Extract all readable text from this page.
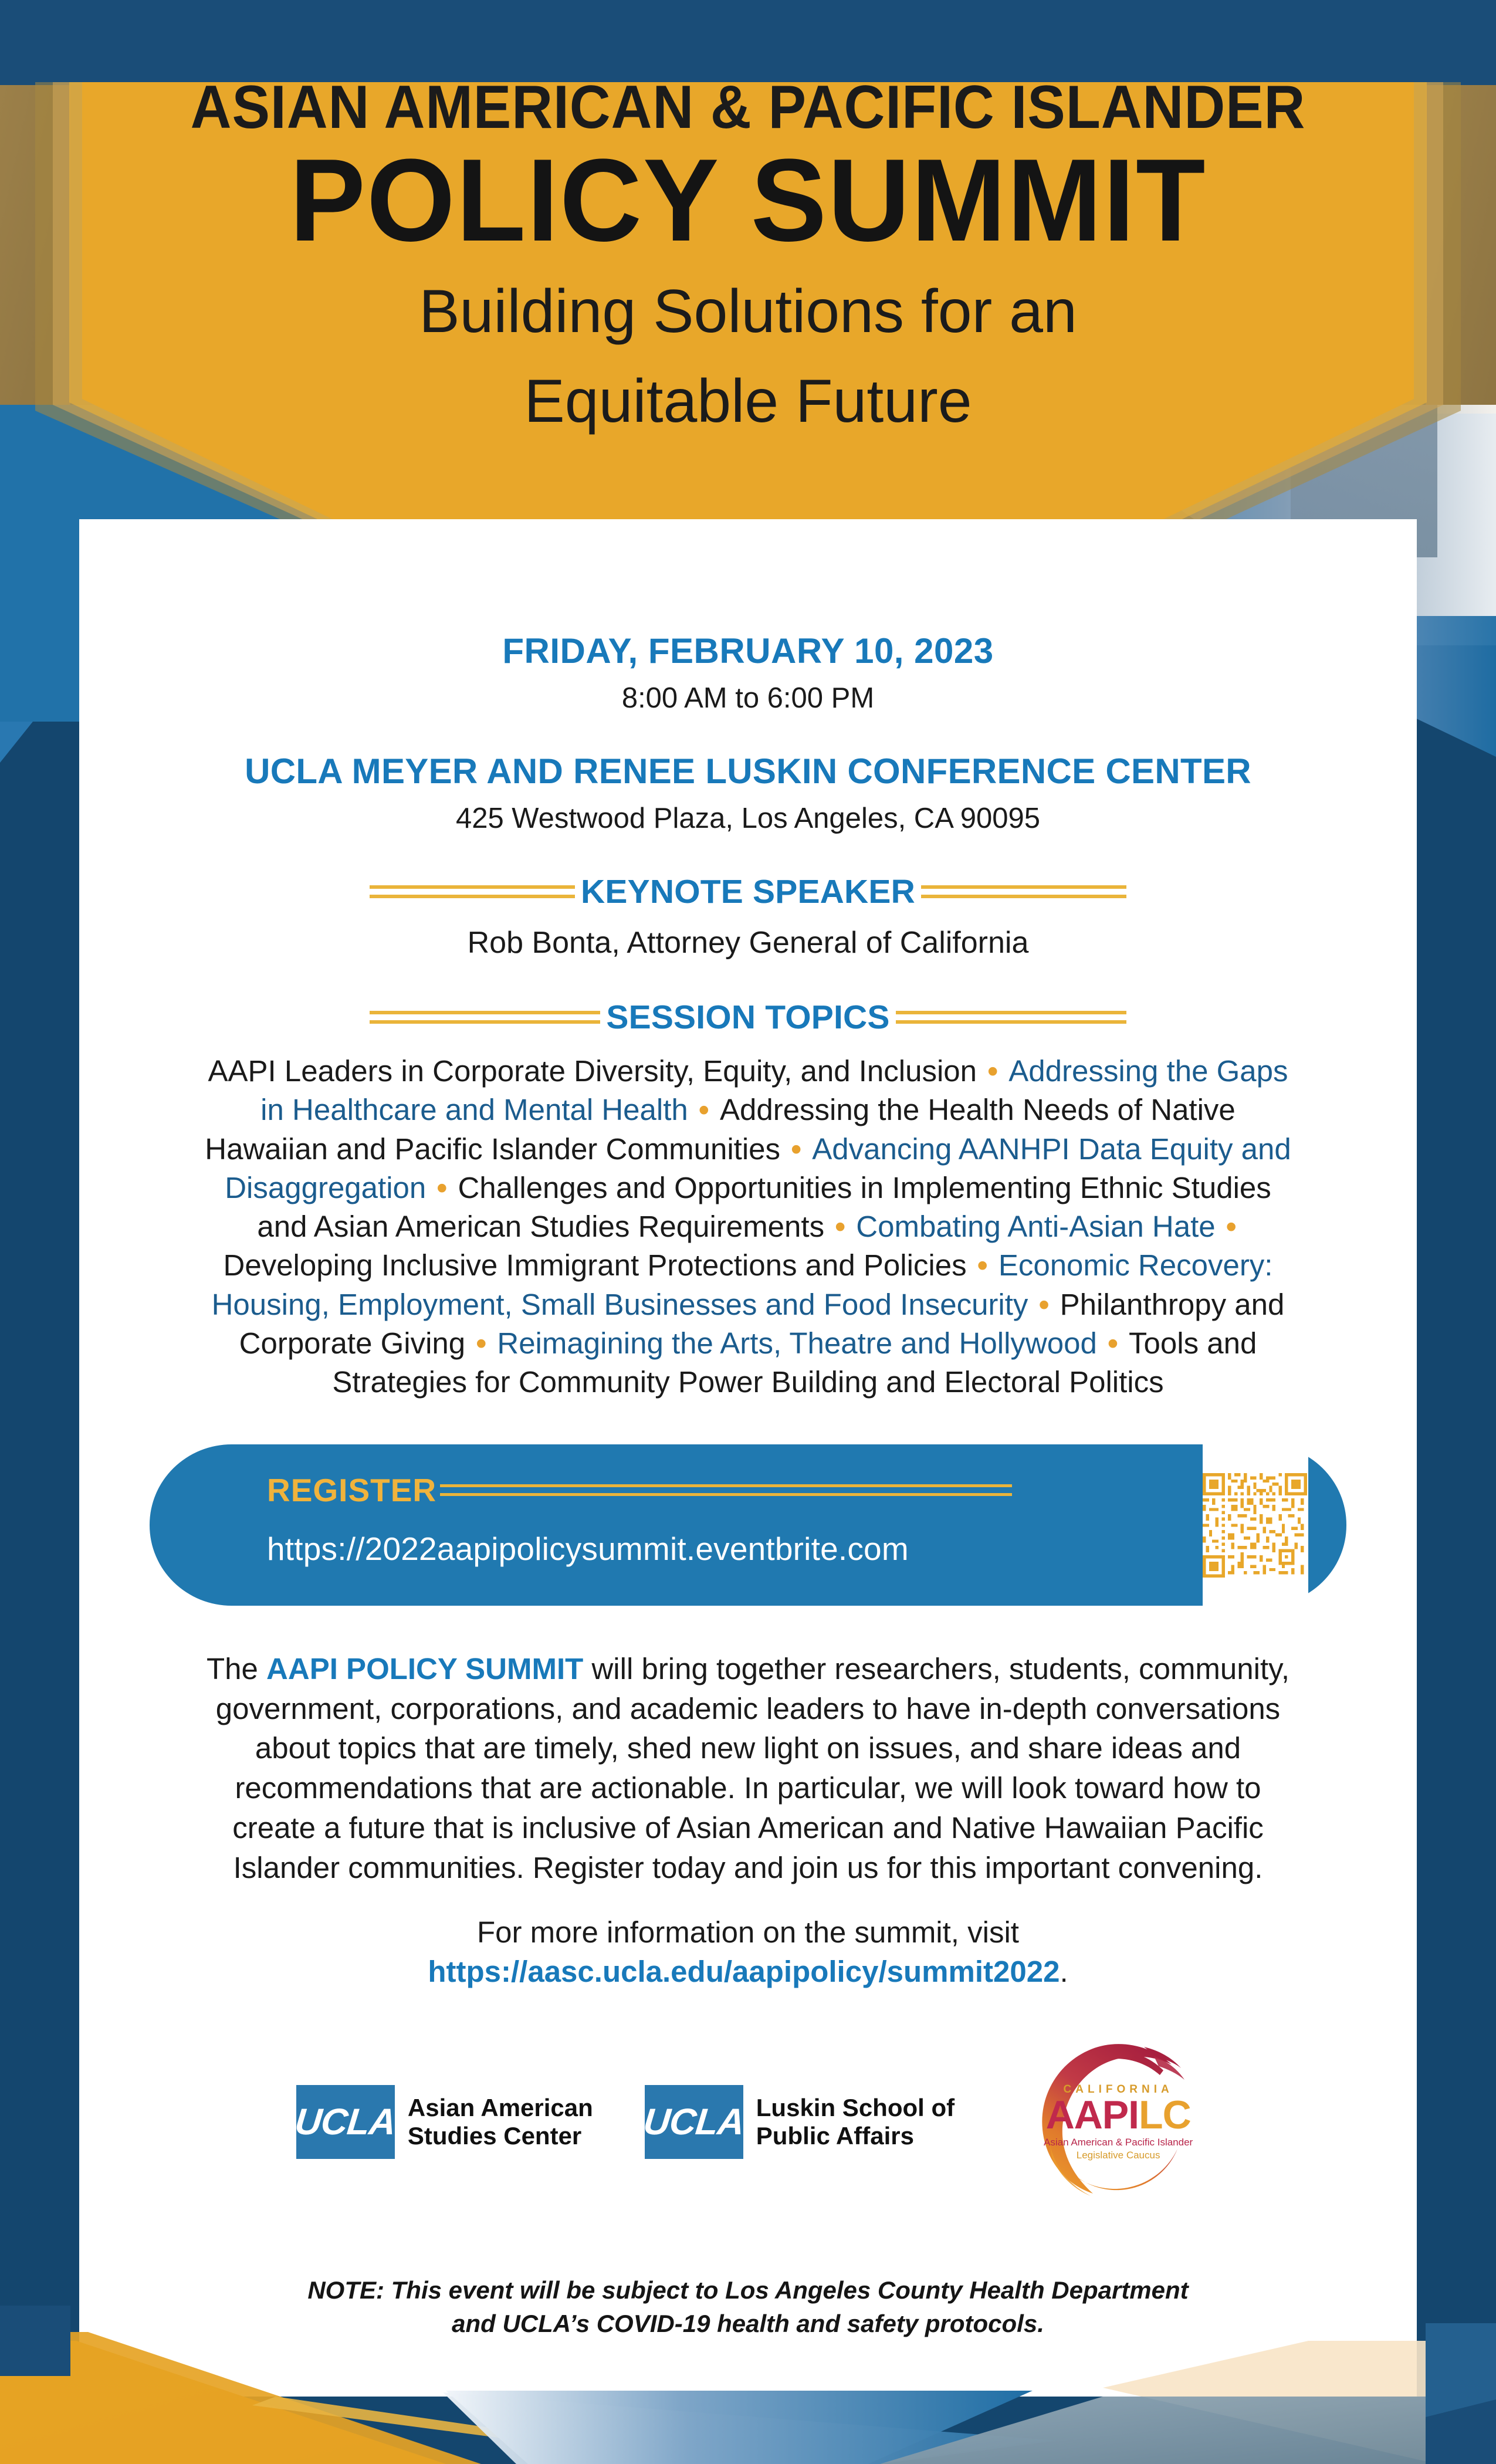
ASIAN AMERICAN & PACIFIC ISLANDER
POLICY SUMMIT
Building Solutions for an
Equitable Future
FRIDAY, FEBRUARY 10, 2023
8:00 AM to 6:00 PM
UCLA MEYER AND RENEE LUSKIN CONFERENCE CENTER
425 Westwood Plaza, Los Angeles, CA 90095
KEYNOTE SPEAKER
Rob Bonta, Attorney General of California
SESSION TOPICS
AAPI Leaders in Corporate Diversity, Equity, and Inclusion • Addressing the Gaps in Healthcare and Mental Health • Addressing the Health Needs of Native Hawaiian and Pacific Islander Communities • Advancing AANHPI Data Equity and Disaggregation • Challenges and Opportunities in Implementing Ethnic Studies and Asian American Studies Requirements • Combating Anti-Asian Hate • Developing Inclusive Immigrant Protections and Policies • Economic Recovery: Housing, Employment, Small Businesses and Food Insecurity • Philanthropy and Corporate Giving • Reimagining the Arts, Theatre and Hollywood • Tools and Strategies for Community Power Building and Electoral Politics
REGISTER
https://2022aapipolicysummit.eventbrite.com
The AAPI POLICY SUMMIT will bring together researchers, students, community, government, corporations, and academic leaders to have in-depth conversations about topics that are timely, shed new light on issues, and share ideas and recommendations that are actionable. In particular, we will look toward how to create a future that is inclusive of Asian American and Native Hawaiian Pacific Islander communities. Register today and join us for this important convening.
For more information on the summit, visit
https://aasc.ucla.edu/aapipolicy/summit2022.
UCLA Asian American
Studies Center	UCLA Luskin School of
Public Affairs
CALIFORNIA
AAPILC
Asian American & Pacific Islander
Legislative Caucus
NOTE: This event will be subject to Los Angeles County Health Department
and UCLA’s COVID-19 health and safety protocols.
